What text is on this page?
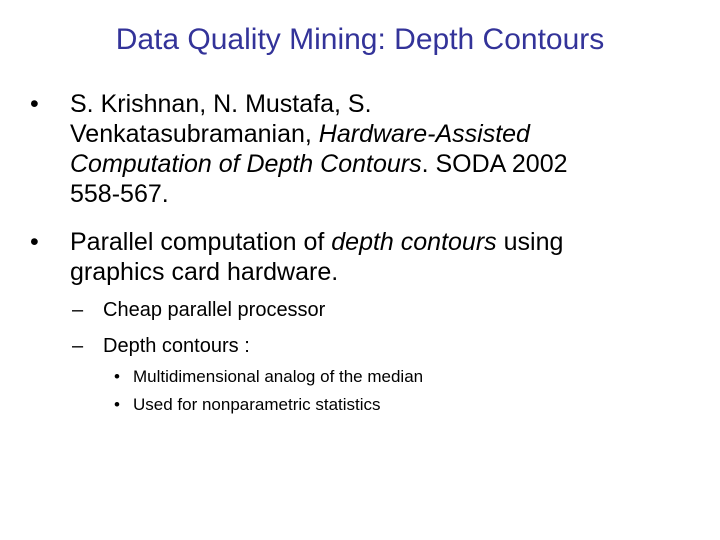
Data Quality Mining: Depth Contours
•	S. Krishnan, N. Mustafa, S.
Venkatasubramanian, Hardware-Assisted
Computation of Depth Contours. SODA 2002
558-567.
•	Parallel computation of depth contours using
graphics card hardware.
– Cheap parallel processor
– Depth contours :
• Multidimensional analog of the median
• Used for nonparametric statistics
